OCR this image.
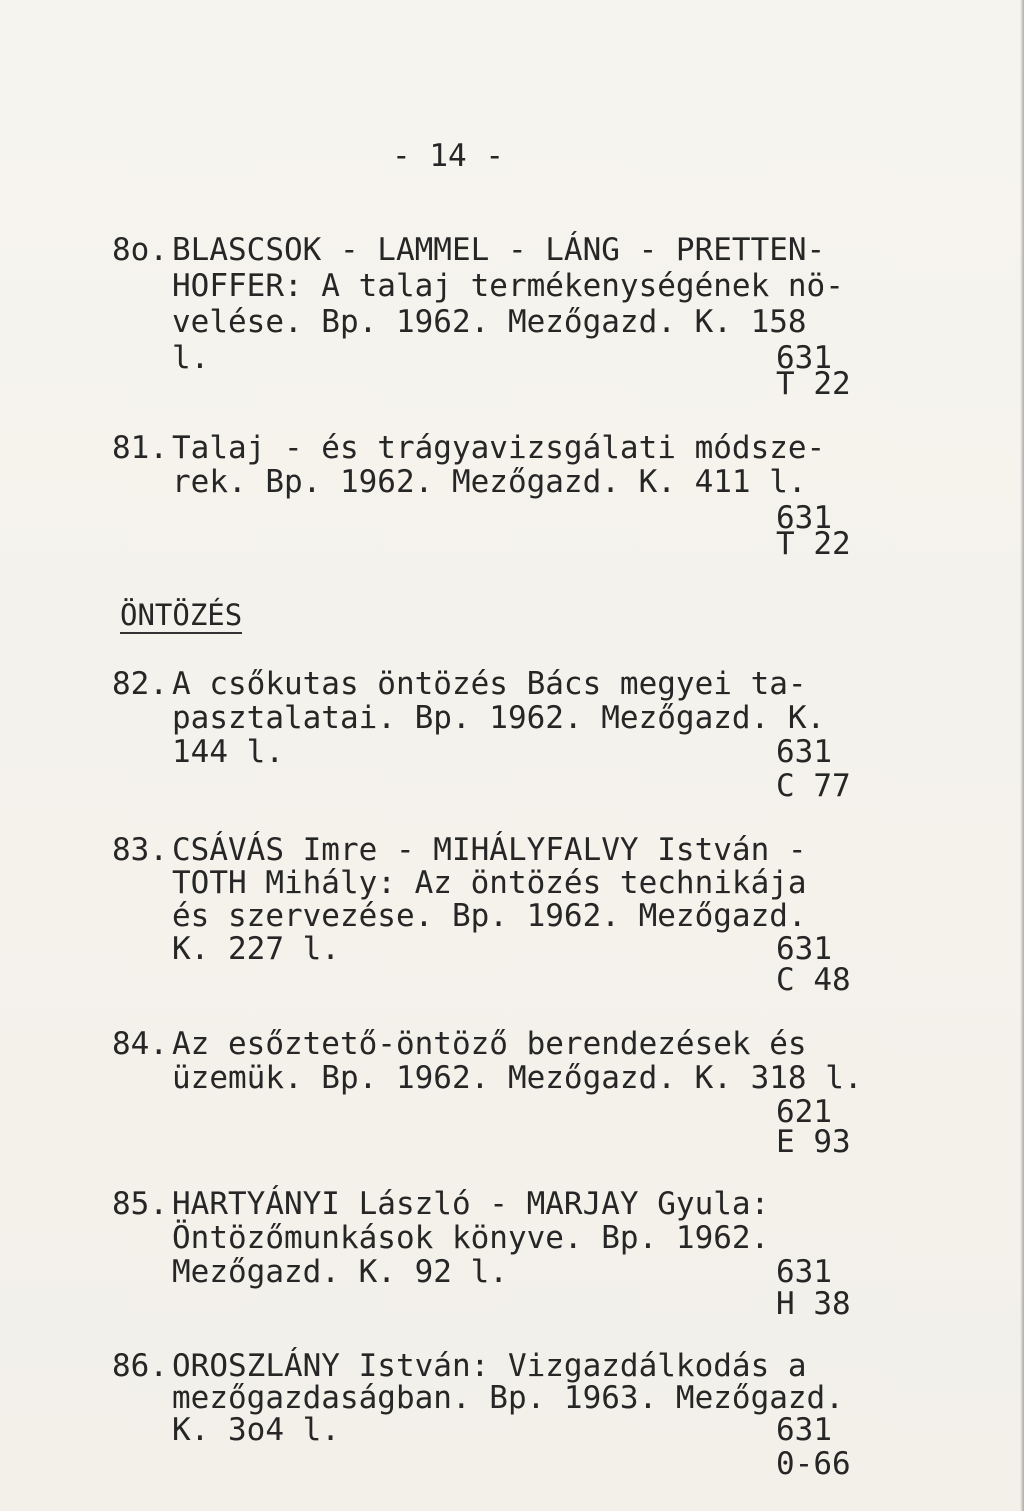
- 14 -
8o. BLASCSOK - LAMMEL - LÁNG - PRETTEN-
HOFFER: A talaj termékenységének nö-
velése. Bp. 1962. Mezőgazd. K. 158
l.	631
T 22
81. Talaj - és trágyavizsgálati módsze-
rek. Bp. 1962. Mezőgazd. K. 411 l.
631
T 22
ÖNTÖZÉS
82. A csőkutas öntözés Bács megyei ta-
pasztalatai. Bp. 1962. Mezőgazd. K.
144 l.	631
C 77
83. CSÁVÁS Imre - MIHÁLYFALVY István -
TOTH Mihály: Az öntözés technikája
és szervezése. Bp. 1962. Mezőgazd.
K. 227 l.	631
C 48
84. Az esőztető-öntöző berendezések és
üzemük. Bp. 1962. Mezőgazd. K. 318 l.
621
E 93
85. HARTYÁNYI László - MARJAY Gyula:
Öntözőmunkások könyve. Bp. 1962.
Mezőgazd. K. 92 l.	631
H 38
86. OROSZLÁNY István: Vizgazdálkodás a
mezőgazdaságban. Bp. 1963. Mezőgazd.
K. 3o4 l.	631
0-66
